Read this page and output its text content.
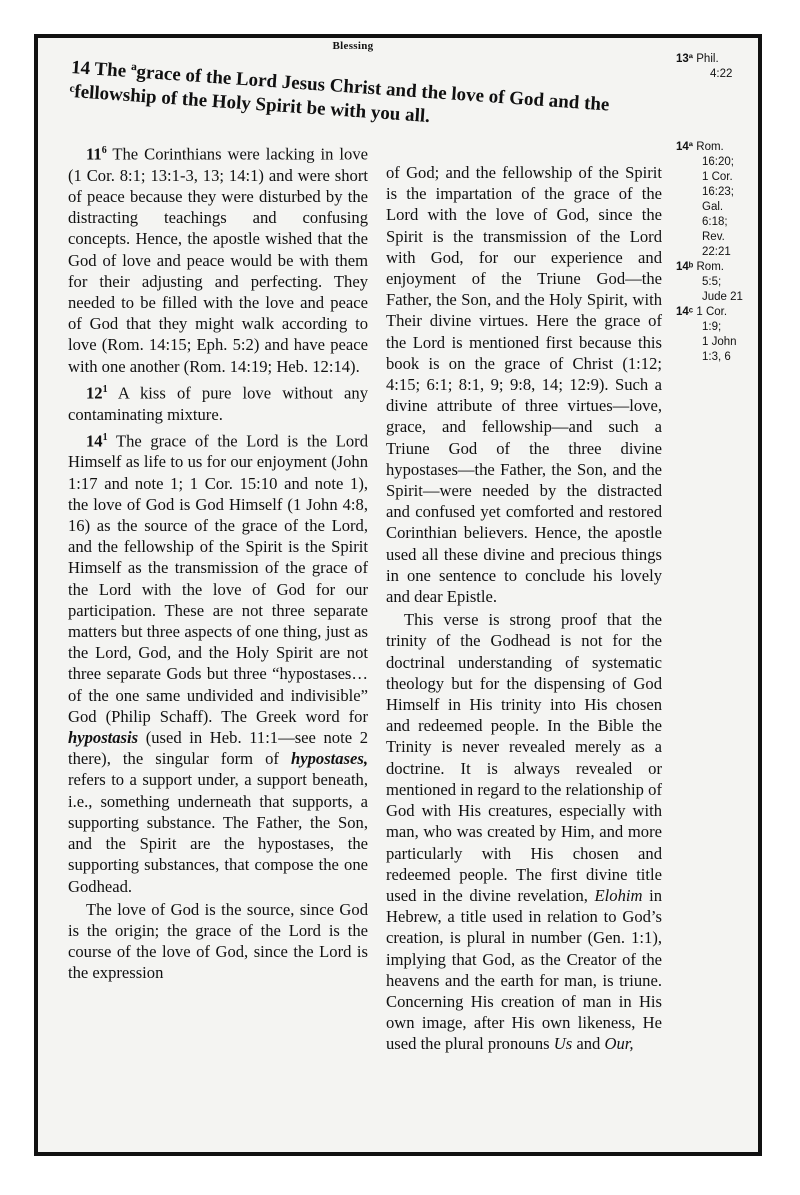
Blessing
14 The ªgrace of the Lord Jesus Christ and the love of God and the ᶜfellowship of the Holy Spirit be with you all.

$11^6$ The Corinthians were lacking in love (1 Cor. 8:1; 13:1-3, 13; 14:1) and were short of peace because they were disturbed by the distracting teachings and confusing concepts. Hence, the apostle wished that the God of love and peace would be with them for their adjusting and perfecting. They needed to be filled with the love and peace of God that they might walk according to love (Rom. 14:15; Eph. 5:2) and have peace with one another (Rom. 14:19; Heb. 12:14).

$12^1$ A kiss of pure love without any contaminating mixture.

$14^1$ The grace of the Lord is the Lord Himself as life to us for our enjoyment (John 1:17 and note 1; 1 Cor. 15:10 and note 1), the love of God is God Himself (1 John 4:8, 16) as the source of the grace of the Lord, and the fellowship of the Spirit is the Spirit Himself as the transmission of the grace of the Lord with the love of God for our participation. These are not three separate matters but three aspects of one thing, just as the Lord, God, and the Holy Spirit are not three separate Gods but three “hypostases… of the one same undivided and indivisible” God (Philip Schaff). The Greek word for hypostasis (used in Heb. 11:1—see note 2 there), the singular form of hypostases, refers to a support under, a support beneath, i.e., something underneath that supports, a supporting substance. The Father, the Son, and the Spirit are the hypostases, the supporting substances, that compose the one Godhead.

The love of God is the source, since God is the origin; the grace of the Lord is the course of the love of God, since the Lord is the expression

of God; and the fellowship of the Spirit is the impartation of the grace of the Lord with the love of God, since the Spirit is the transmission of the Lord with God, for our experience and enjoyment of the Triune God—the Father, the Son, and the Holy Spirit, with Their divine virtues. Here the grace of the Lord is mentioned first because this book is on the grace of Christ (1:12; 4:15; 6:1; 8:1, 9; 9:8, 14; 12:9). Such a divine attribute of three virtues—love, grace, and fellowship—and such a Triune God of the three divine hypostases—the Father, the Son, and the Spirit—were needed by the distracted and confused yet comforted and restored Corinthian believers. Hence, the apostle used all these divine and precious things in one sentence to conclude his lovely and dear Epistle.

This verse is strong proof that the trinity of the Godhead is not for the doctrinal understanding of systematic theology but for the dispensing of God Himself in His trinity into His chosen and redeemed people. In the Bible the Trinity is never revealed merely as a doctrine. It is always revealed or mentioned in regard to the relationship of God with His creatures, especially with man, who was created by Him, and more particularly with His chosen and redeemed people. The first divine title used in the divine revelation, Elohim in Hebrew, a title used in relation to God’s creation, is plural in number (Gen. 1:1), implying that God, as the Creator of the heavens and the earth for man, is triune. Concerning His creation of man in His own image, after His own likeness, He used the plural pronouns Us and Our,

13ª Phil.
4:22
14ª Rom.
16:20;
1 Cor.
16:23;
Gal.
6:18;
Rev.
22:21
14ᵇ Rom.
5:5;
Jude 21
14ᶜ 1 Cor.
1:9;
1 John
1:3, 6
